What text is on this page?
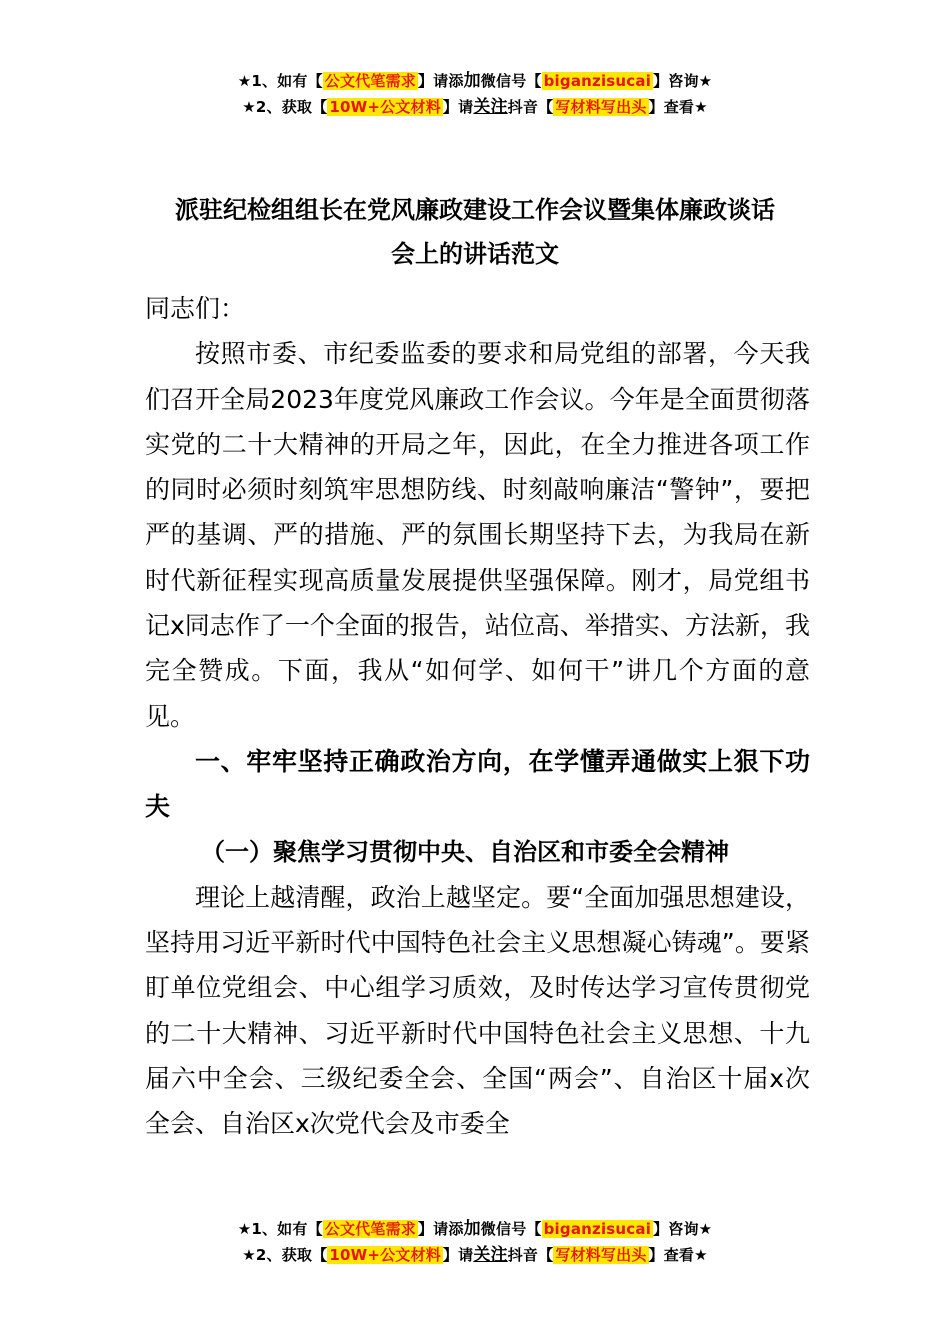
★1、如有【 公文代笔需求 】请添加微信号【 biganzisucai 】咨询★
★2、获取【 10W+公文材料 】请关注抖音【 写材料写出头 】查看★
派驻纪检组组长在党风廉政建设工作会议暨集体廉政谈话
会上的讲话范文

同志们：

按照市委、市纪委监委的要求和局党组的部署，今天我们召开全局2023年度党风廉政工作会议。今年是全面贯彻落实党的二十大精神的开局之年，因此，在全力推进各项工作的同时必须时刻筑牢思想防线、时刻敲响廉洁“警钟”，要把严的基调、严的措施、严的氛围长期坚持下去，为我局在新时代新征程实现高质量发展提供坚强保障。刚才，局党组书记x同志作了一个全面的报告，站位高、举措实、方法新，我完全赞成。下面，我从“如何学、如何干”讲几个方面的意见。

一、牢牢坚持正确政治方向，在学懂弄通做实上狠下功夫

（一）聚焦学习贯彻中央、自治区和市委全会精神

理论上越清醒，政治上越坚定。要“全面加强思想建设，坚持用习近平新时代中国特色社会主义思想凝心铸魂”。要紧盯单位党组会、中心组学习质效，及时传达学习宣传贯彻党的二十大精神、习近平新时代中国特色社会主义思想、十九届六中全会、三级纪委全会、全国“两会”、自治区十届x次全会、自治区x次党代会及市委全

★1、如有【 公文代笔需求 】请添加微信号【 biganzisucai 】咨询★
★2、获取【 10W+公文材料 】请关注抖音【 写材料写出头 】查看★
